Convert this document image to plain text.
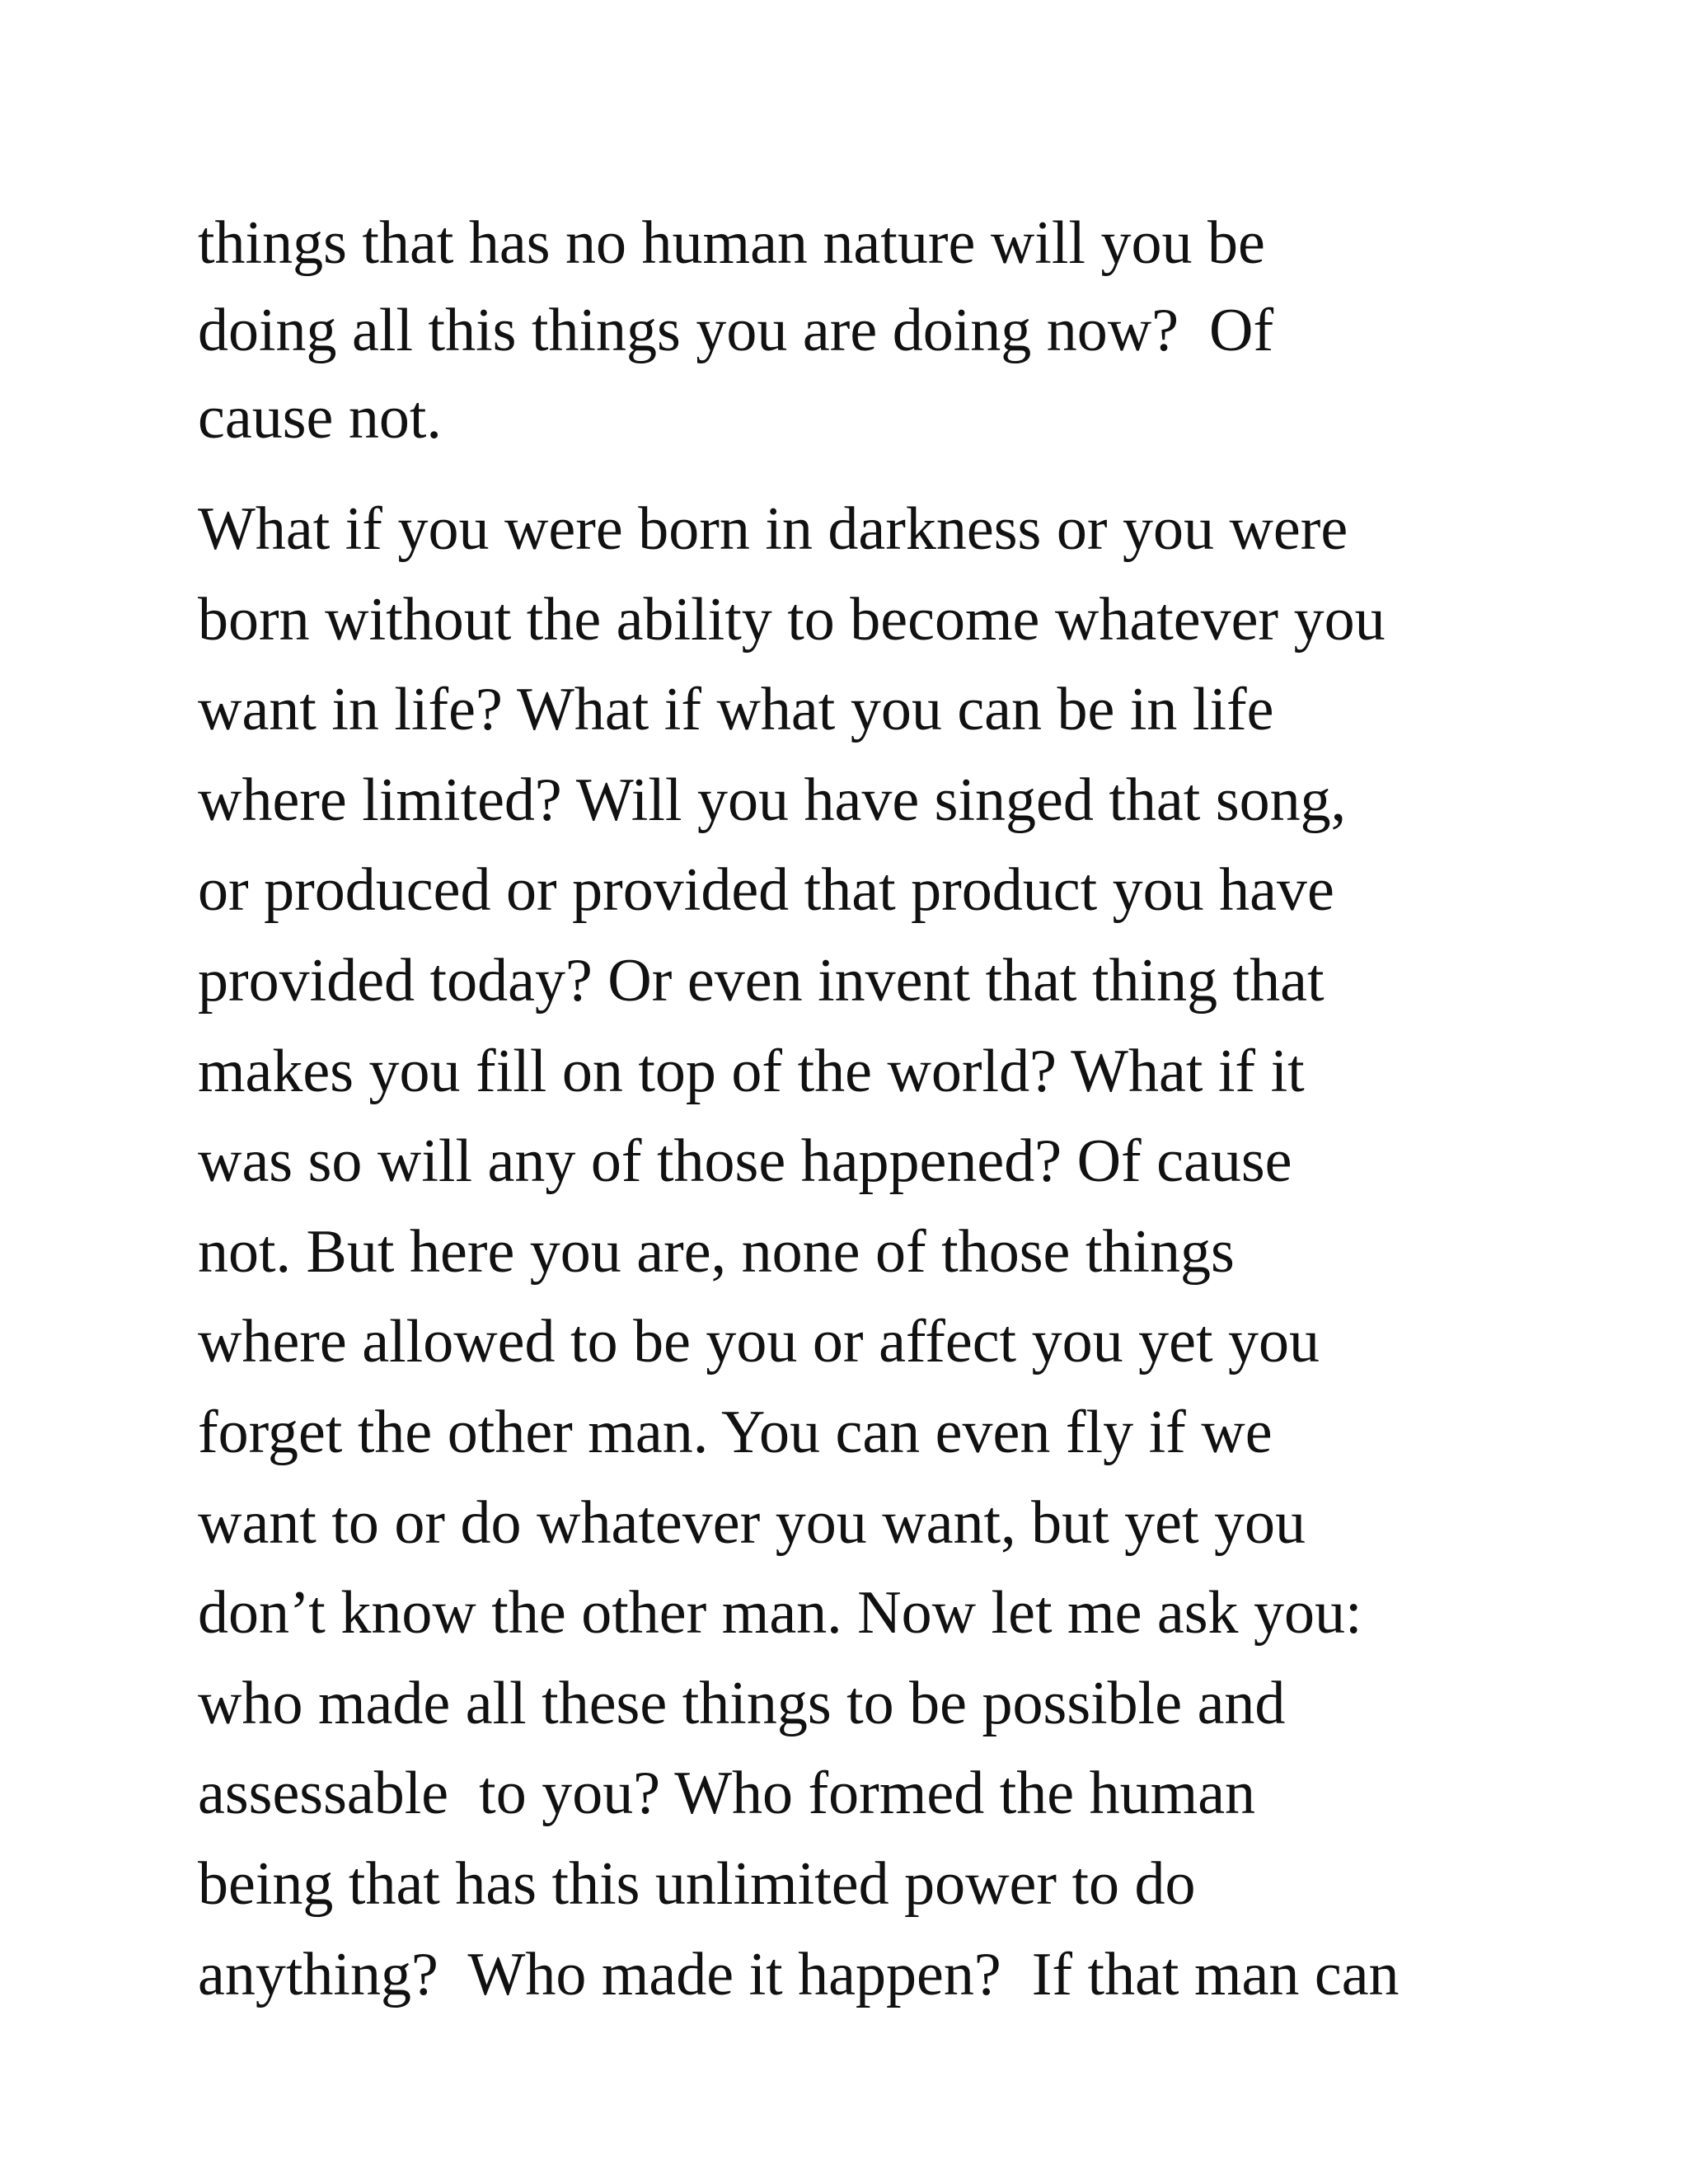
things that has no human nature will you be
doing all this things you are doing now?  Of
cause not.
What if you were born in darkness or you were
born without the ability to become whatever you
want in life? What if what you can be in life
where limited? Will you have singed that song,
or produced or provided that product you have
provided today? Or even invent that thing that
makes you fill on top of the world? What if it
was so will any of those happened? Of cause
not. But here you are, none of those things
where allowed to be you or affect you yet you
forget the other man. You can even fly if we
want to or do whatever you want, but yet you
don’t know the other man. Now let me ask you:
who made all these things to be possible and
assessable  to you? Who formed the human
being that has this unlimited power to do
anything?  Who made it happen?  If that man can
